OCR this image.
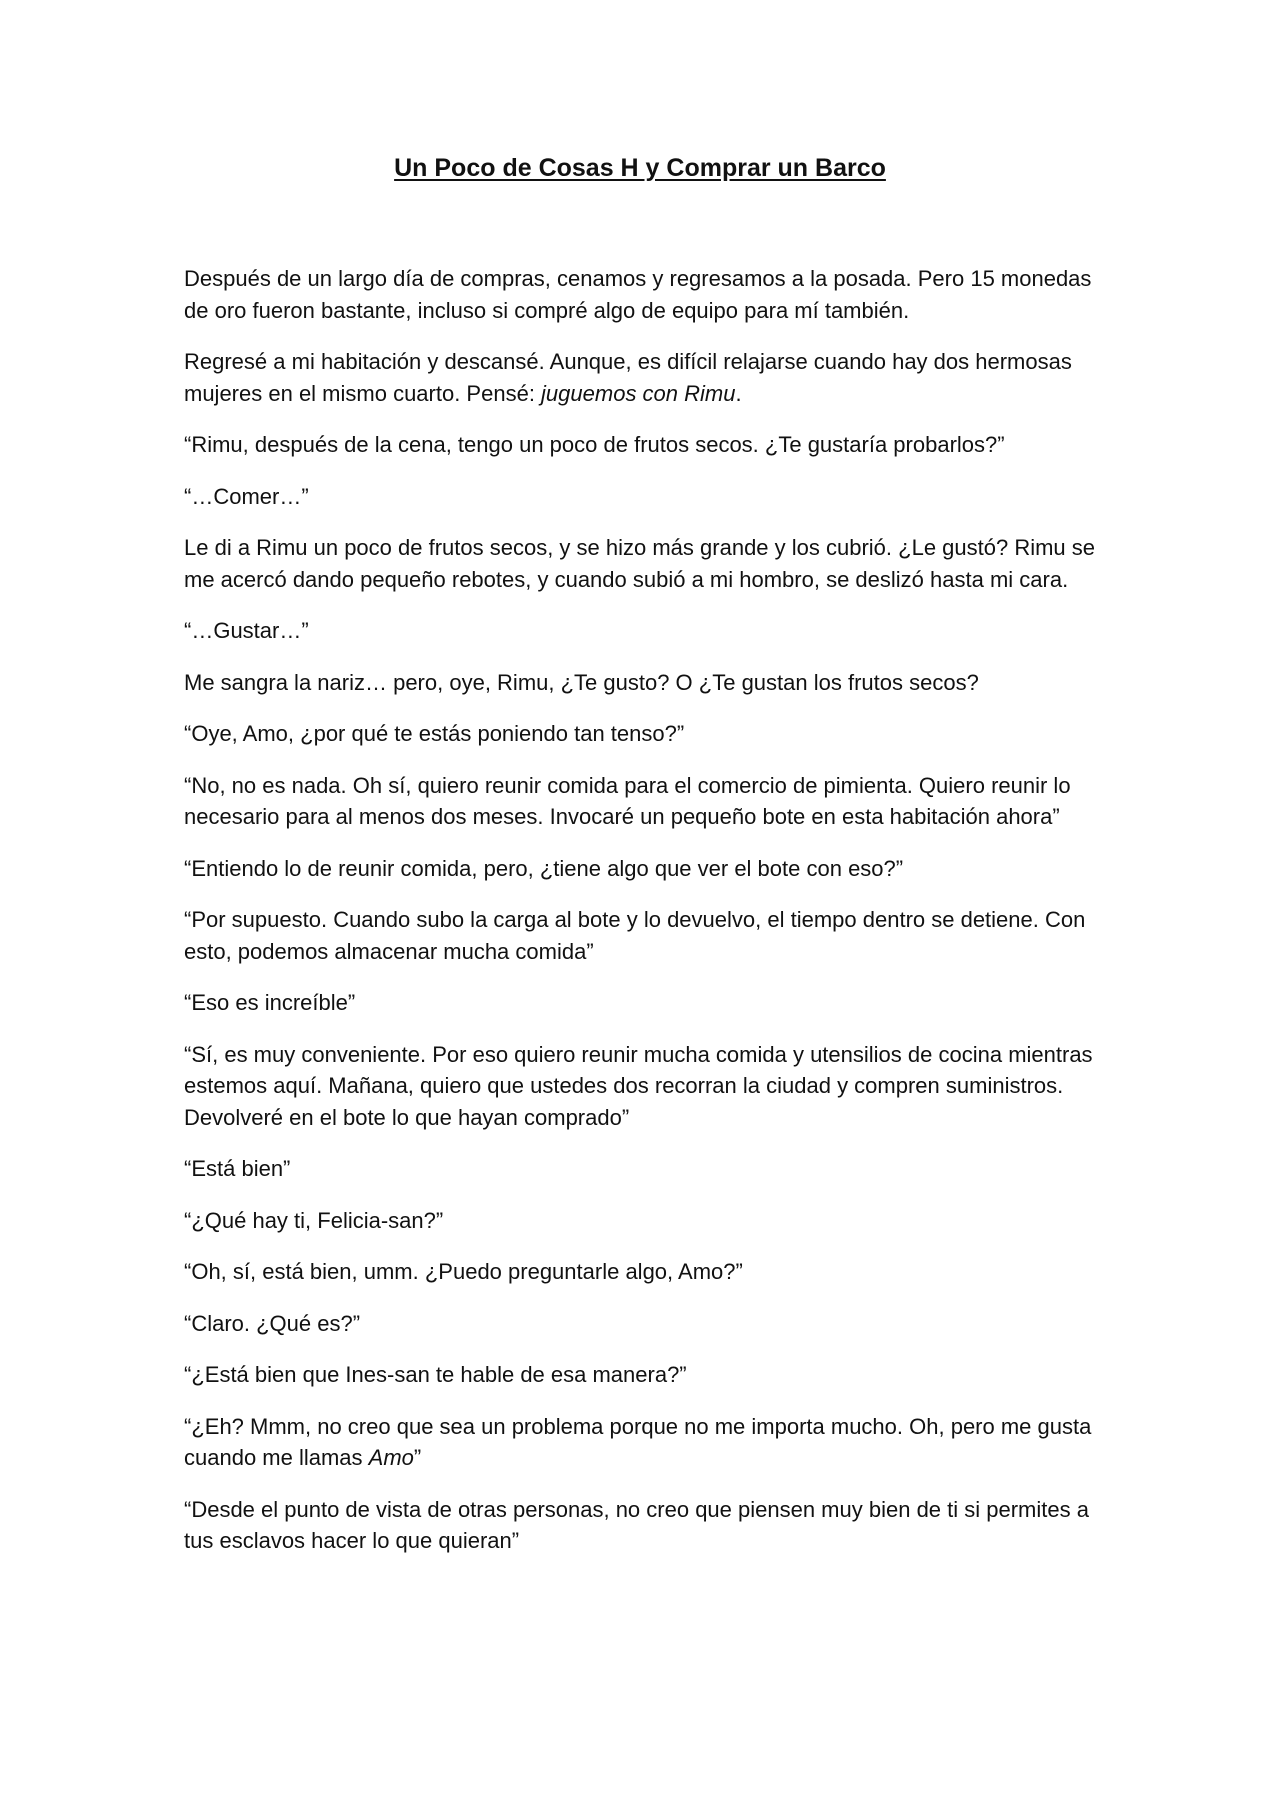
Un Poco de Cosas H y Comprar un Barco

Después de un largo día de compras, cenamos y regresamos a la posada. Pero 15 monedas de oro fueron bastante, incluso si compré algo de equipo para mí también.

Regresé a mi habitación y descansé. Aunque, es difícil relajarse cuando hay dos hermosas mujeres en el mismo cuarto. Pensé: juguemos con Rimu.

“Rimu, después de la cena, tengo un poco de frutos secos. ¿Te gustaría probarlos?”

“…Comer…”

Le di a Rimu un poco de frutos secos, y se hizo más grande y los cubrió. ¿Le gustó? Rimu se me acercó dando pequeño rebotes, y cuando subió a mi hombro, se deslizó hasta mi cara.

“…Gustar…”

Me sangra la nariz… pero, oye, Rimu, ¿Te gusto? O ¿Te gustan los frutos secos?

“Oye, Amo, ¿por qué te estás poniendo tan tenso?”

“No, no es nada. Oh sí, quiero reunir comida para el comercio de pimienta. Quiero reunir lo necesario para al menos dos meses. Invocaré un pequeño bote en esta habitación ahora”

“Entiendo lo de reunir comida, pero, ¿tiene algo que ver el bote con eso?”

“Por supuesto. Cuando subo la carga al bote y lo devuelvo, el tiempo dentro se detiene. Con esto, podemos almacenar mucha comida”

“Eso es increíble”

“Sí, es muy conveniente. Por eso quiero reunir mucha comida y utensilios de cocina mientras estemos aquí. Mañana, quiero que ustedes dos recorran la ciudad y compren suministros. Devolveré en el bote lo que hayan comprado”

“Está bien”

“¿Qué hay ti, Felicia-san?”

“Oh, sí, está bien, umm. ¿Puedo preguntarle algo, Amo?”

“Claro. ¿Qué es?”

“¿Está bien que Ines-san te hable de esa manera?”

“¿Eh? Mmm, no creo que sea un problema porque no me importa mucho. Oh, pero me gusta cuando me llamas Amo”

“Desde el punto de vista de otras personas, no creo que piensen muy bien de ti si permites a tus esclavos hacer lo que quieran”
